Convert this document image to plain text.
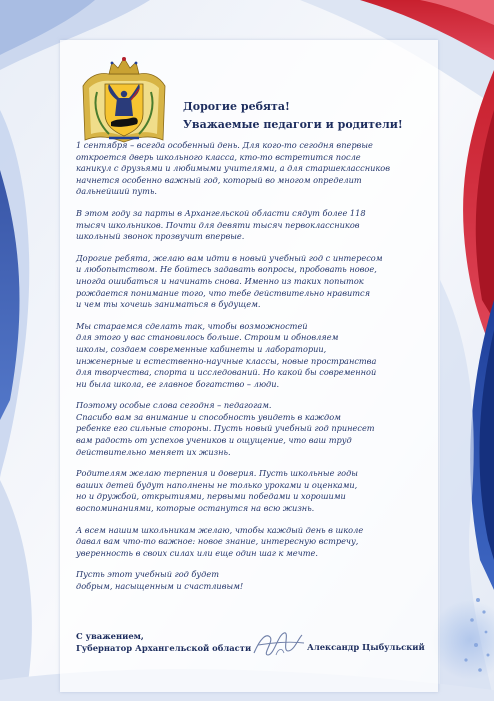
Дорогие ребята!
Уважаемые педагоги и родители!

1 сентября – всегда особенный день. Для кого-то сегодня впервые
откроется дверь школьного класса, кто-то встретится после
каникул с друзьями и любимыми учителями, а для старшеклассников
начнется особенно важный год, который во многом определит
дальнейший путь.

В этом году за парты в Архангельской области сядут более 118
тысяч школьников. Почти для девяти тысяч первоклассников
школьный звонок прозвучит впервые.

Дорогие ребята, желаю вам идти в новый учебный год с интересом
и любопытством. Не бойтесь задавать вопросы, пробовать новое,
иногда ошибаться и начинать снова. Именно из таких попыток
рождается понимание того, что тебе действительно нравится
и чем ты хочешь заниматься в будущем.

Мы стараемся сделать так, чтобы возможностей
для этого у вас становилось больше. Строим и обновляем
школы, создаем современные кабинеты и лаборатории,
инженерные и естественно-научные классы, новые пространства
для творчества, спорта и исследований. Но какой бы современной
ни была школа, ее главное богатство – люди.

Поэтому особые слова сегодня – педагогам.
Спасибо вам за внимание и способность увидеть в каждом
ребенке его сильные стороны. Пусть новый учебный год принесет
вам радость от успехов учеников и ощущение, что ваш труд
действительно меняет их жизнь.

Родителям желаю терпения и доверия. Пусть школьные годы
ваших детей будут наполнены не только уроками и оценками,
но и дружбой, открытиями, первыми победами и хорошими
воспоминаниями, которые останутся на всю жизнь.

А всем нашим школьникам желаю, чтобы каждый день в школе
давал вам что-то важное: новое знание, интересную встречу,
уверенность в своих силах или еще один шаг к мечте.

Пусть этот учебный год будет
добрым, насыщенным и счастливым!

С уважением,
Губернатор Архангельской области	Александр Цыбульский
